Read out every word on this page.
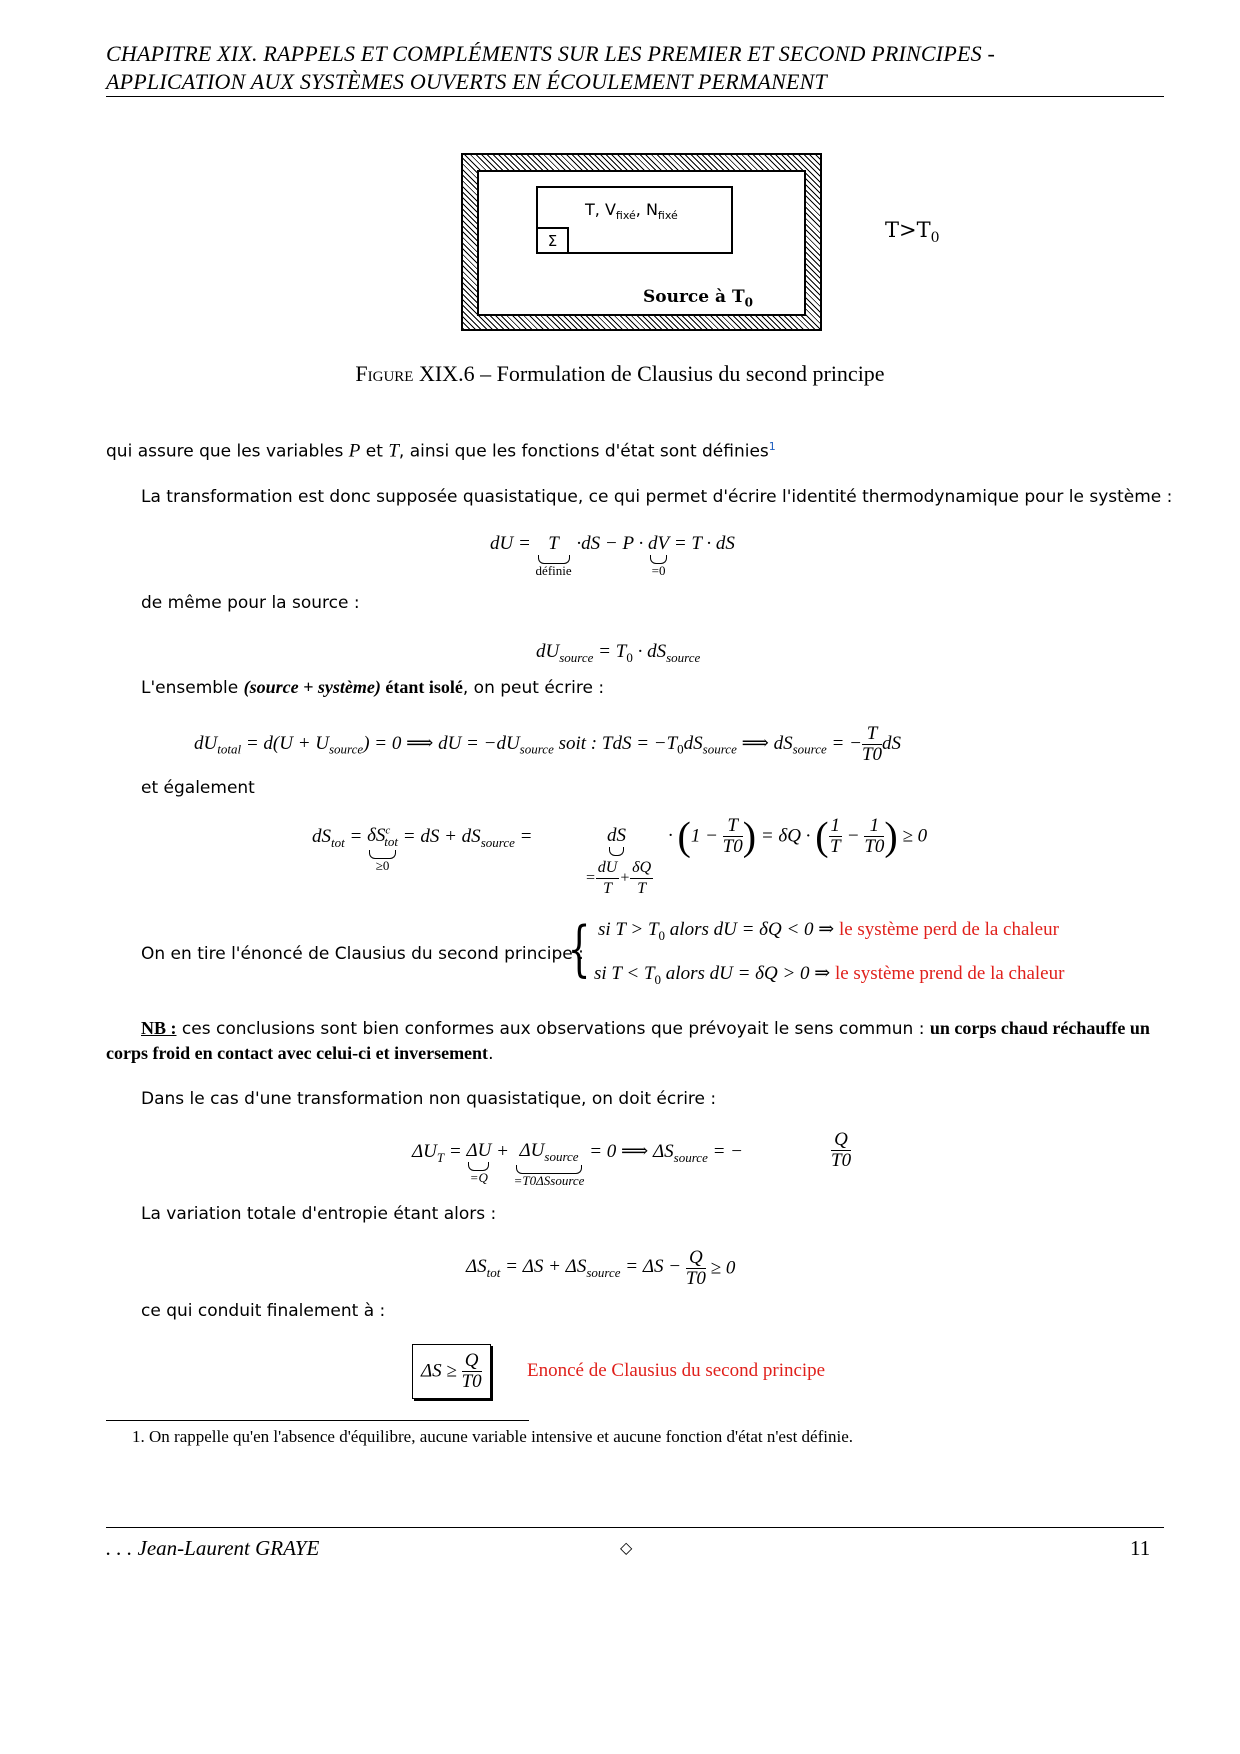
CHAPITRE XIX. RAPPELS ET COMPLÉMENTS SUR LES PREMIER ET SECOND PRINCIPES -
APPLICATION AUX SYSTÈMES OUVERTS EN ÉCOULEMENT PERMANENT
Σ
T, $V_{fixé}$, $N_{fixé}$
Source à $T_0$
$T>T_0$
Figure XIX.6 – Formulation de Clausius du second principe
qui assure que les variables P et T, ainsi que les fonctions d'état sont définies$^1$
La transformation est donc supposée quasistatique, ce qui permet d'écrire l'identité thermodynamique pour le système :
dU = T
définie
·dS − P · dV
=0
= T · dS
de même pour la source :
$dU_{source} = T_0 \cdot dS_{source}$
L'ensemble (source + système) étant isolé, on peut écrire :
$dU_{total} = d(U + U_{source}) = 0$ ⟹ dU = $-dU_{source}$ soit : TdS = $-T_0dS_{source}$ ⟹ $dS_{source}$ = − $\frac{T}{T0}$ dS
et également
$dS_{tot} = \delta S^c_{tot}$
≥0
= dS + $dS_{source}$ =	dS
= $\frac{dU}{T} + \frac{\delta Q}{T}$
· ($1 - \frac{T}{T0}$ ) = δQ · ( $\frac{1}{T} - \frac{1}{T0}$ ) ≥ 0
On en tire l'énoncé de Clausius du second principe :
{ si $T > T_0$ alors dU = δQ < 0 ⇒ le système perd de la chaleur
si $T < T_0$ alors dU = δQ > 0 ⇒ le système prend de la chaleur
NB : ces conclusions sont bien conformes aux observations que prévoyait le sens commun : un corps chaud réchauffe un
corps froid en contact avec celui-ci et inversement.
Dans le cas d'une transformation non quasistatique, on doit écrire :
$\Delta U_T = \Delta U$
=Q
+ $\Delta U_{source}$
=T0ΔSsource
= 0 ⟹ $\Delta S_{source}$ = −	$\frac{Q}{T0}$
La variation totale d'entropie étant alors :
$\Delta S_{tot} = \Delta S + \Delta S_{source} = \Delta S - \frac{Q}{T0} \ge 0$
ce qui conduit finalement à :
$\Delta S \ge \frac{Q}{T0}$ Enoncé de Clausius du second principe
1. On rappelle qu'en l'absence d'équilibre, aucune variable intensive et aucune fonction d'état n'est définie.
. . . Jean-Laurent GRAYE	◇	11
